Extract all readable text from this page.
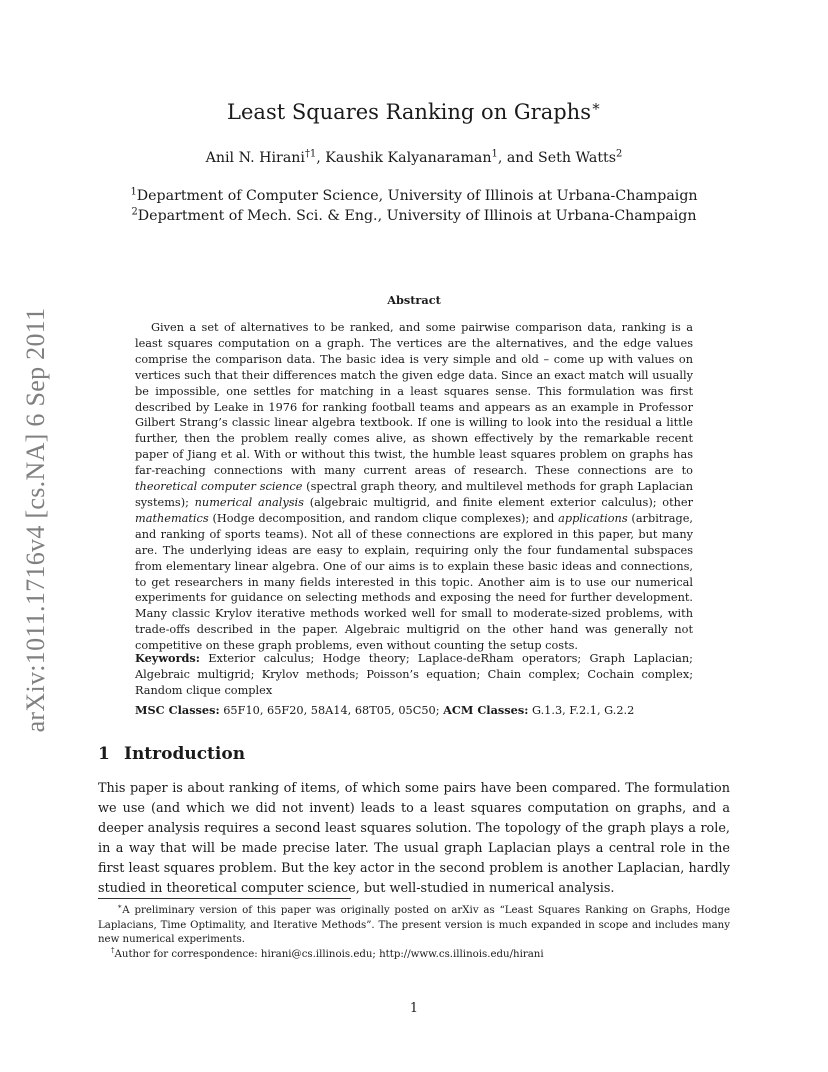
arXiv:1011.1716v4 [cs.NA] 6 Sep 2011
Least Squares Ranking on Graphs∗
Anil N. Hirani$^{\dagger 1}$, Kaushik Kalyanaraman$^1$, and Seth Watts$^2$
$^1$Department of Computer Science, University of Illinois at Urbana-Champaign
$^2$Department of Mech. Sci. & Eng., University of Illinois at Urbana-Champaign
Abstract

Given a set of alternatives to be ranked, and some pairwise comparison data, ranking is a least squares computation on a graph. The vertices are the alternatives, and the edge values comprise the comparison data. The basic idea is very simple and old – come up with values on vertices such that their differences match the given edge data. Since an exact match will usually be impossible, one settles for matching in a least squares sense. This formulation was first described by Leake in 1976 for ranking football teams and appears as an example in Professor Gilbert Strang’s classic linear algebra textbook. If one is willing to look into the residual a little further, then the problem really comes alive, as shown effectively by the remarkable recent paper of Jiang et al. With or without this twist, the humble least squares problem on graphs has far-reaching connections with many current areas of research. These connections are to theoretical computer science (spectral graph theory, and multilevel methods for graph Laplacian systems); numerical analysis (algebraic multigrid, and finite element exterior calculus); other mathematics (Hodge decomposition, and random clique complexes); and applications (arbitrage, and ranking of sports teams). Not all of these connections are explored in this paper, but many are. The underlying ideas are easy to explain, requiring only the four fundamental subspaces from elementary linear algebra. One of our aims is to explain these basic ideas and connections, to get researchers in many fields interested in this topic. Another aim is to use our numerical experiments for guidance on selecting methods and exposing the need for further development. Many classic Krylov iterative methods worked well for small to moderate-sized problems, with trade-offs described in the paper. Algebraic multigrid on the other hand was generally not competitive on these graph problems, even without counting the setup costs.

Keywords: Exterior calculus; Hodge theory; Laplace-deRham operators; Graph Laplacian; Algebraic multigrid; Krylov methods; Poisson’s equation; Chain complex; Cochain complex; Random clique complex
MSC Classes: 65F10, 65F20, 58A14, 68T05, 05C50; ACM Classes: G.1.3, F.2.1, G.2.2
1 Introduction
This paper is about ranking of items, of which some pairs have been compared. The formulation we use (and which we did not invent) leads to a least squares computation on graphs, and a deeper analysis requires a second least squares solution. The topology of the graph plays a role, in a way that will be made precise later. The usual graph Laplacian plays a central role in the first least squares problem. But the key actor in the second problem is another Laplacian, hardly studied in theoretical computer science, but well-studied in numerical analysis.

∗A preliminary version of this paper was originally posted on arXiv as “Least Squares Ranking on Graphs, Hodge Laplacians, Time Optimality, and Iterative Methods”. The present version is much expanded in scope and includes many new numerical experiments.

†Author for correspondence: hirani@cs.illinois.edu; http://www.cs.illinois.edu/hirani

1
